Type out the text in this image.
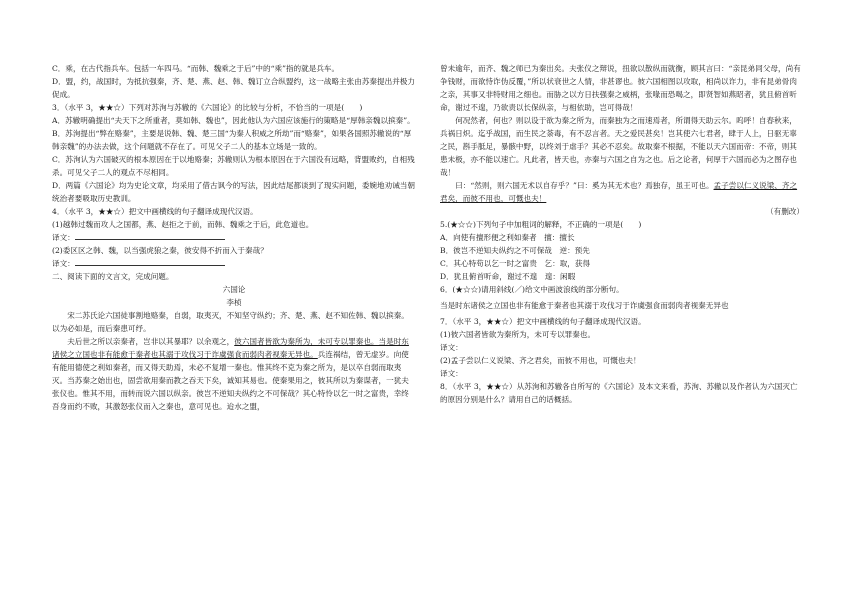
C．乘，在古代指兵车。包括一车四马。“而韩、魏乘之于后”中的“乘”指的就是兵车。

D．盟，约，战国时，为抵抗强秦，齐、楚、燕、赵、韩、魏订立合纵盟约，这一战略主张由苏秦提出并极力促成。

3．（水平 3，★★☆）下列对苏洵与苏辙的《六国论》的比较与分析，不恰当的一项是(　　)

A．苏辙明确提出“夫天下之所重者，莫如韩、魏也”，因此他认为六国应该施行的策略是“厚韩亲魏以摈秦”。

B．苏洵提出“弊在赂秦”，主要是说韩、魏、楚三国“为秦人积威之所劫”而“赂秦”，如果各国照苏辙说的“厚韩亲魏”的办法去做，这个问题就不存在了。可见父子二人的基本立场是一致的。

C．苏洵认为六国破灭的根本原因在于以地赂秦；苏辙则认为根本原因在于六国没有远略，背盟败约，自相残杀。可见父子二人的观点不尽相同。

D．两篇《六国论》均为史论文章，均采用了借古讽今的写法，因此结尾都谈到了现实问题，委婉地劝诫当朝统治者要吸取历史教训。

4．（水平 3，★★☆）把文中画横线的句子翻译成现代汉语。

(1)越韩过魏而攻人之国都，燕、赵拒之于前，而韩、魏乘之于后，此危道也。

译文：

(2)委区区之韩、魏，以当强虎狼之秦，彼安得不折而入于秦哉？

译文：

二、阅读下面的文言文，完成问题。

六国论

李桢

宋二苏氏论六国徒事割地赂秦，自弱，取夷灭，不知坚守纵约；齐、楚、燕、赵不知佐韩、魏以摈秦。以为必如是，而后秦患可纾。

夫后世之所以亲秦者，岂非以其暴耶？以余观之，彼六国者皆欲为秦所为，未可专以罪秦也。当是时东诸侯之立国也非有能愈于秦者也其溺于攻伐习于诈虞强食而弱肉者视秦无异也。兵连祸结，曾无虚岁。向使有能用德使之利如秦者，而又得天助焉，未必不复增一秦也。惟其终不克为秦之所为，是以卒自弱而取夷灭。当苏秦之始出也，固尝欲用秦而教之吞天下矣，诚知其易也。使秦果用之，彼其所以为秦谋者，一犹夫张仪也。惟其不用，而转而说六国以纵亲。彼岂不逆知夫纵约之不可保哉？其心特怜以乞一时之富贵，幸终吾身而约不败，其激怒张仪而入之秦也，意可见也。迨水之盟，

曾未逾年，而齐、魏之师已为秦出矣。夫张仪之辩说，扭欲以散纵而就衡，顾其言曰：“亲昆弟同父母，尚有争钱财，而欲恃诈伪反覆，”所以状衰世之人情，非甚谬也。彼六国相图以攻取，相尚以诈力，非有昆弟骨肉之亲，其事又非特财用之细也。而胁之以方日扶强秦之威柄，张喙而恐喝之，即贤智如燕昭者，犹且俯首听命，谢过不遑，乃欲责以长保纵亲，与相依助，岂可得哉！

何况然者，何也？则以设于欲为秦之所为，而秦独为之而速焉者，所谓得天助云尔。呜呼！自春秋来，兵祸日炽。迄乎战国，而生民之荼毒，有不忍言者。天之爱民甚矣！岂其使六七君者，肆于人上，日驱无辜之民，斟手胝足，暴骸中野，以终刘于虐手？其必不忍矣。故取秦不根据，不能以天六国而帝：不帝，则其患未极，亦不能以速亡。凡此者，皆天也，亦秦与六国之自为之也。后之论者，何厚于六国而必为之图存也哉！

曰：“然则，则六国无术以自存乎？”曰：奚为其无术也？焉独存，虽王可也。孟子尝以仁义说梁、齐之君矣，而彼不用也，可慨也夫！

（有删改）

5.(★☆☆)下列句子中加粗词的解释，不正确的一项是(　　)

A．向使有擅形便之利如秦者　擅：擅长

B．彼岂不逆知夫纵约之不可保哉　逆：预先

C．其心特苟以乞一时之富贵　乞：取，获得

D．犹且俯首听命，谢过不遑　遑：闲暇

6．(★☆☆)请用斜线(／)给文中画波浪线的部分断句。

当是时东诸侯之立国也非有能愈于秦者也其溺于攻伐习于诈虞强食而弱肉者视秦无异也

7．（水平 3，★★☆）把文中画横线的句子翻译成现代汉语。

(1)彼六国者皆欲为秦所为，未可专以罪秦也。

译文：

(2)孟子尝以仁义说梁、齐之君矣，而彼不用也，可慨也夫！

译文：

8．（水平 3，★★☆）从苏洵和苏辙各自所写的《六国论》及本文来看，苏洵、苏辙以及作者认为六国灭亡的原因分别是什么？请用自己的话概括。
